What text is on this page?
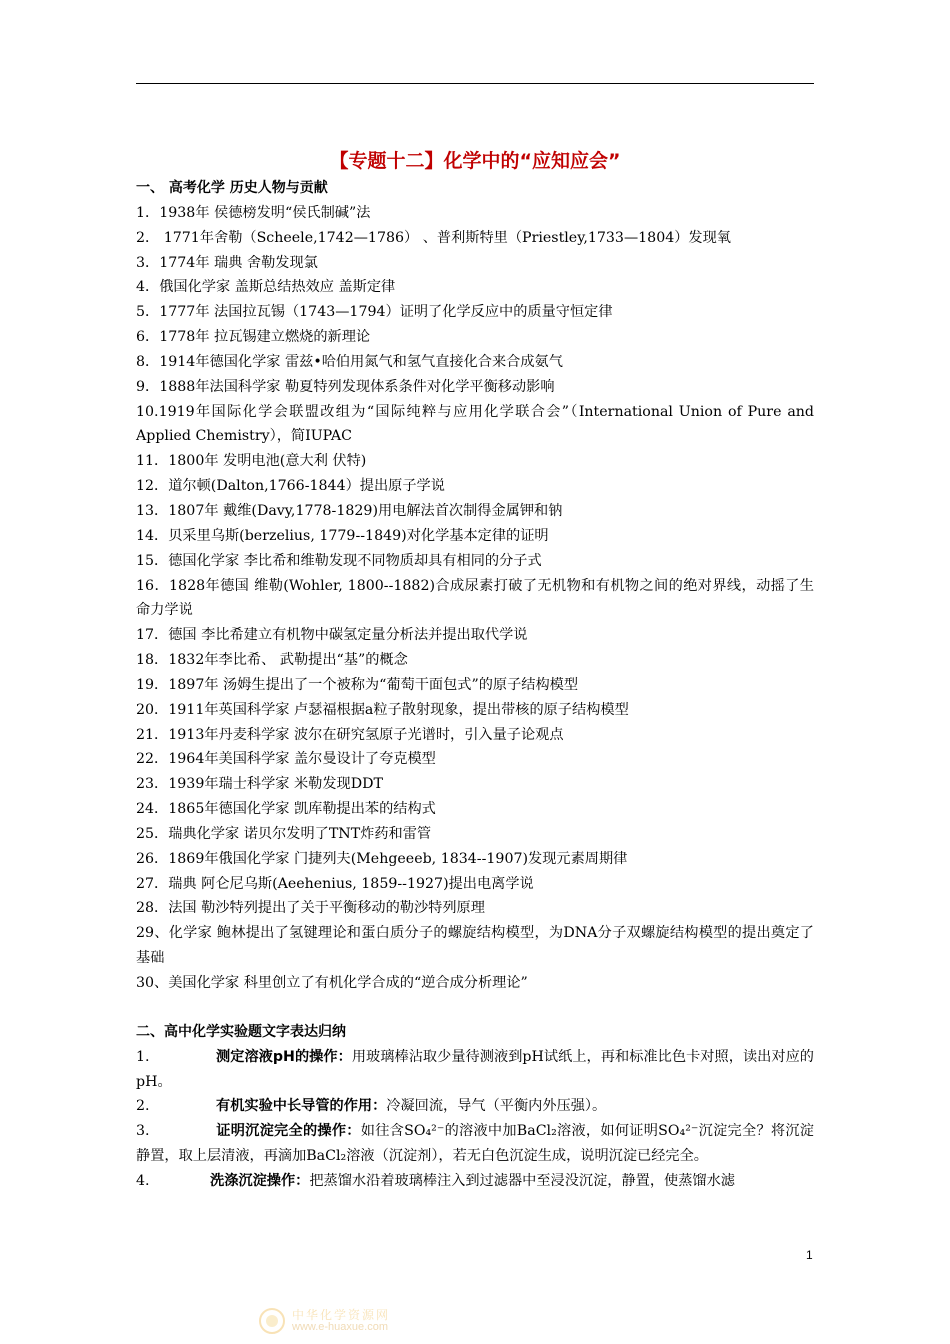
【专题十二】化学中的“应知应会”
一、 高考化学 历史人物与贡献
1．1938年 侯德榜发明“侯氏制碱”法
2． 1771年舍勒（Scheele,1742—1786） 、普利斯特里（Priestley,1733—1804）发现氧
3．1774年 瑞典 舍勒发现氯
4．俄国化学家 盖斯总结热效应 盖斯定律
5．1777年 法国拉瓦锡（1743—1794）证明了化学反应中的质量守恒定律
6．1778年 拉瓦锡建立燃烧的新理论
8．1914年德国化学家 雷兹•哈伯用氮气和氢气直接化合来合成氨气
9．1888年法国科学家 勒夏特列发现体系条件对化学平衡移动影响
10.1919年国际化学会联盟改组为“国际纯粹与应用化学联合会”（International Union of Pure and Applied Chemistry），简IUPAC
11．1800年 发明电池(意大利 伏特)
12．道尔顿(Dalton,1766-1844）提出原子学说
13．1807年 戴维(Davy,1778-1829)用电解法首次制得金属钾和钠
14．贝采里乌斯(berzelius, 1779--1849)对化学基本定律的证明
15．德国化学家 李比希和维勒发现不同物质却具有相同的分子式
16．1828年德国 维勒(Wohler, 1800--1882)合成尿素打破了无机物和有机物之间的绝对界线，动摇了生命力学说
17．德国 李比希建立有机物中碳氢定量分析法并提出取代学说
18．1832年李比希、 武勒提出“基”的概念
19．1897年 汤姆生提出了一个被称为“葡萄干面包式”的原子结构模型
20．1911年英国科学家 卢瑟福根据a粒子散射现象，提出带核的原子结构模型
21．1913年丹麦科学家 波尔在研究氢原子光谱时，引入量子论观点
22．1964年美国科学家 盖尔曼设计了夸克模型
23．1939年瑞士科学家 米勒发现DDT
24．1865年德国化学家 凯库勒提出苯的结构式
25．瑞典化学家 诺贝尔发明了TNT炸药和雷管
26．1869年俄国化学家 门捷列夫(Mehgeeeb, 1834--1907)发现元素周期律
27．瑞典 阿仑尼乌斯(Aeehenius, 1859--1927)提出电离学说
28．法国 勒沙特列提出了关于平衡移动的勒沙特列原理
29、化学家 鲍林提出了氢键理论和蛋白质分子的螺旋结构模型，为DNA分子双螺旋结构模型的提出奠定了基础
30、美国化学家 科里创立了有机化学合成的“逆合成分析理论”
二、高中化学实验题文字表达归纳
1.	测定溶液pH的操作：用玻璃棒沾取少量待测液到pH试纸上，再和标准比色卡对照，读出对应的pH。
2.	有机实验中长导管的作用：冷凝回流，导气（平衡内外压强）。
3.	证明沉淀完全的操作：如往含SO₄²⁻的溶液中加BaCl₂溶液，如何证明SO₄²⁻沉淀完全？将沉淀静置，取上层清液，再滴加BaCl₂溶液（沉淀剂），若无白色沉淀生成，说明沉淀已经完全。
4.	洗涤沉淀操作：把蒸馏水沿着玻璃棒注入到过滤器中至浸没沉淀，静置，使蒸馏水滤
1
中华化学资源网
www.e-huaxue.com
